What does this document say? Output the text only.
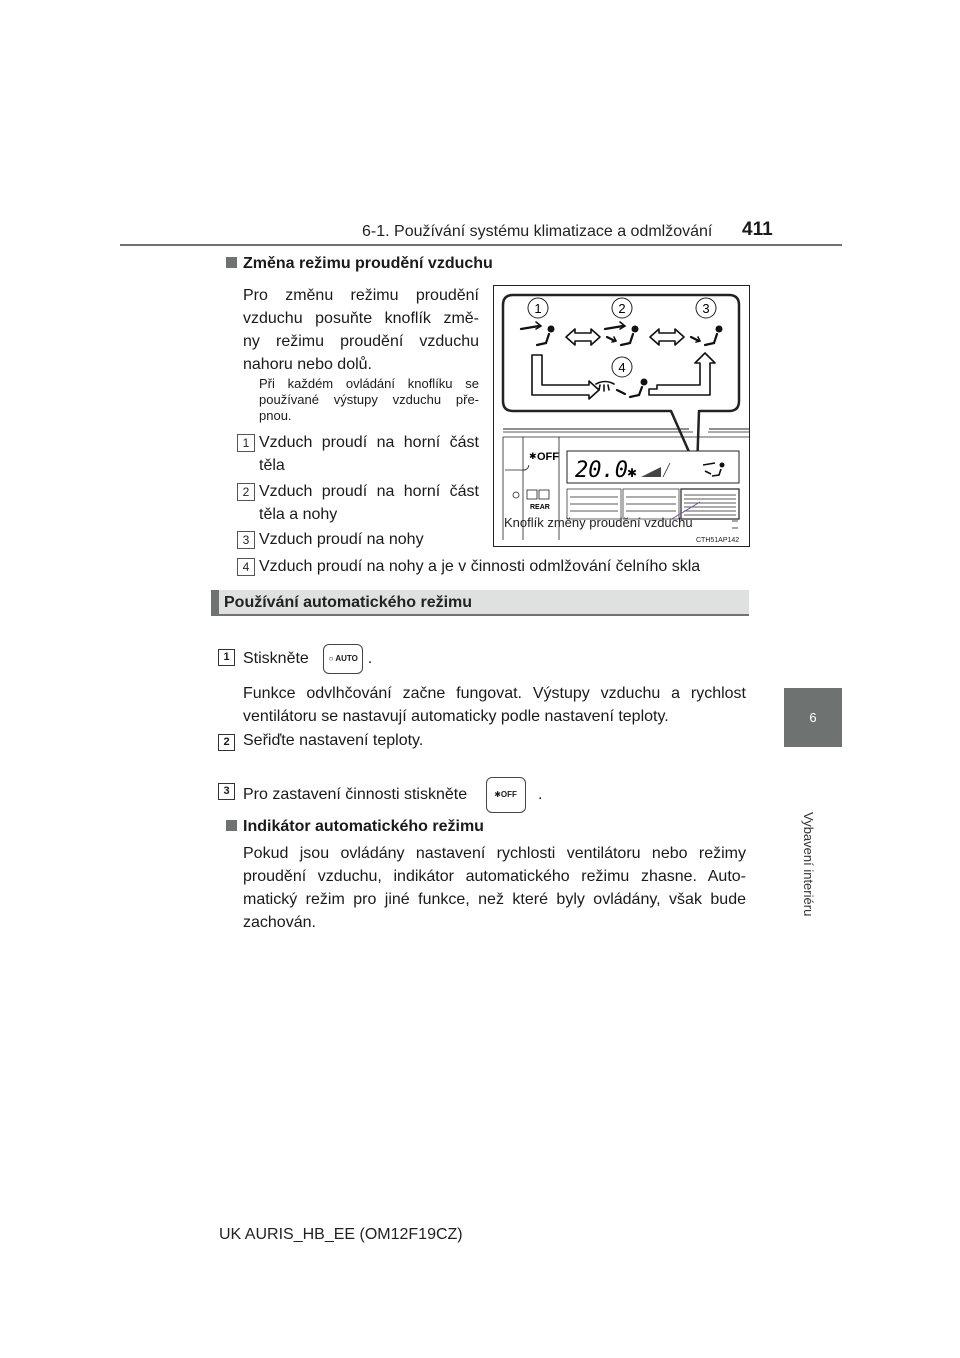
6-1. Používání systému klimatizace a odmlžování 411
6
Vybavení interiéru
Změna režimu proudění vzduchu
Pro změnu režimu proudění
vzduchu posuňte knoflík změ-
ny režimu proudění vzduchu
nahoru nebo dolů.
Při každém ovládání knoflíku se
používané výstupy vzduchu pře-
pnou.
1 Vzduch proudí na horní část
těla
2 Vzduch proudí na horní část
těla a nohy
3 Vzduch proudí na nohy
4 Vzduch proudí na nohy a je v činnosti odmlžování čelního skla
1	2	3
4
✱ OFF
REAR
20.0 ✱
Knoflík změny proudění vzduchu
CTH51AP142
Používání automatického režimu
1 Stiskněte ○ AUTO .
Funkce odvlhčování začne fungovat. Výstupy vzduchu a rychlost
ventilátoru se nastavují automaticky podle nastavení teploty.
2 Seřiďte nastavení teploty.
3 Pro zastavení činnosti stiskněte	✱OFF .
Indikátor automatického režimu
Pokud jsou ovládány nastavení rychlosti ventilátoru nebo režimy
proudění vzduchu, indikátor automatického režimu zhasne. Auto-
matický režim pro jiné funkce, než které byly ovládány, však bude
zachován.
UK AURIS_HB_EE (OM12F19CZ)
